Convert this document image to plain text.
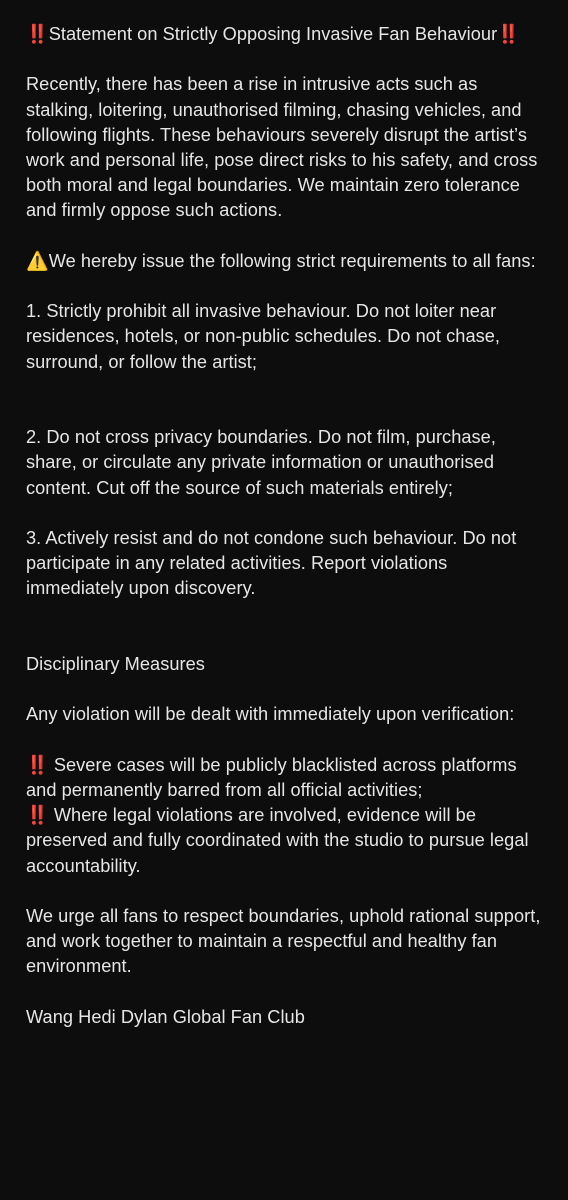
‼️Statement on Strictly Opposing Invasive Fan Behaviour‼️

Recently, there has been a rise in intrusive acts such as stalking, loitering, unauthorised filming, chasing vehicles, and following flights. These behaviours severely disrupt the artist’s work and personal life, pose direct risks to his safety, and cross both moral and legal boundaries. We maintain zero tolerance and firmly oppose such actions.

⚠️We hereby issue the following strict requirements to all fans:

1. Strictly prohibit all invasive behaviour. Do not loiter near residences, hotels, or non-public schedules. Do not chase, surround, or follow the artist;

2. Do not cross privacy boundaries. Do not film, purchase, share, or circulate any private information or unauthorised content. Cut off the source of such materials entirely;

3. Actively resist and do not condone such behaviour. Do not participate in any related activities. Report violations immediately upon discovery.

Disciplinary Measures

Any violation will be dealt with immediately upon verification:

‼️ Severe cases will be publicly blacklisted across platforms and permanently barred from all official activities;

‼️ Where legal violations are involved, evidence will be preserved and fully coordinated with the studio to pursue legal accountability.

We urge all fans to respect boundaries, uphold rational support, and work together to maintain a respectful and healthy fan environment.

Wang Hedi Dylan Global Fan Club
